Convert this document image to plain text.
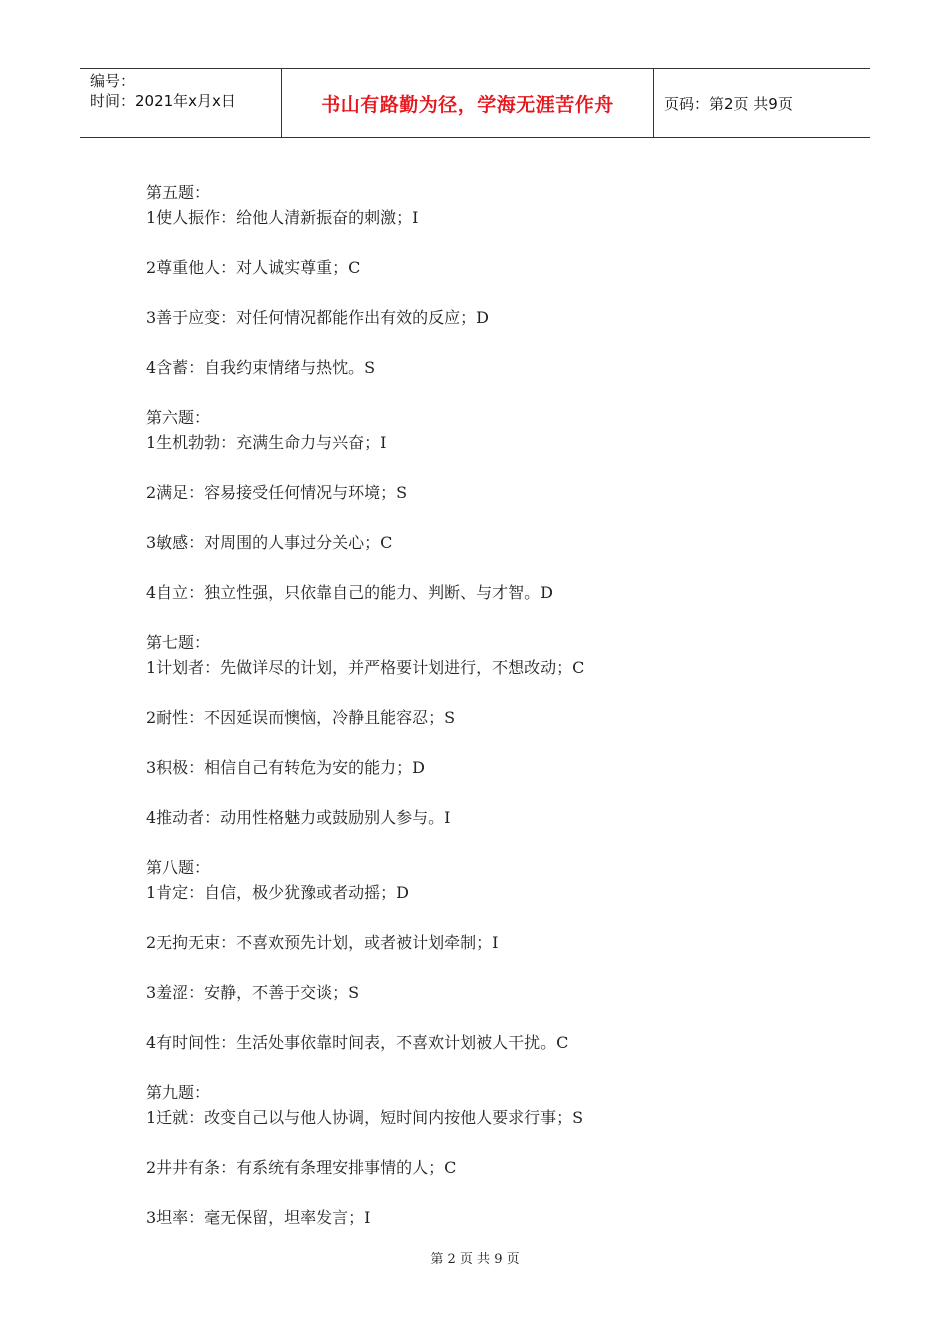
编号：
时间：2021年x月x日	书山有路勤为径，学海无涯苦作舟	页码：第2页 共9页
第五题：
1使人振作：给他人清新振奋的刺激；I
2尊重他人：对人诚实尊重；C
3善于应变：对任何情况都能作出有效的反应；D
4含蓄：自我约束情绪与热忱。S
第六题：
1生机勃勃：充满生命力与兴奋；I
2满足：容易接受任何情况与环境；S
3敏感：对周围的人事过分关心；C
4自立：独立性强，只依靠自己的能力、判断、与才智。D
第七题：
1计划者：先做详尽的计划，并严格要计划进行，不想改动；C
2耐性：不因延误而懊恼，冷静且能容忍；S
3积极：相信自己有转危为安的能力；D
4推动者：动用性格魅力或鼓励别人参与。I
第八题：
1肯定：自信，极少犹豫或者动摇；D
2无拘无束：不喜欢预先计划，或者被计划牵制；I
3羞涩：安静，不善于交谈；S
4有时间性：生活处事依靠时间表，不喜欢计划被人干扰。C
第九题：
1迁就：改变自己以与他人协调，短时间内按他人要求行事；S
2井井有条：有系统有条理安排事情的人；C
3坦率：毫无保留，坦率发言；I
第 2 页 共 9 页
